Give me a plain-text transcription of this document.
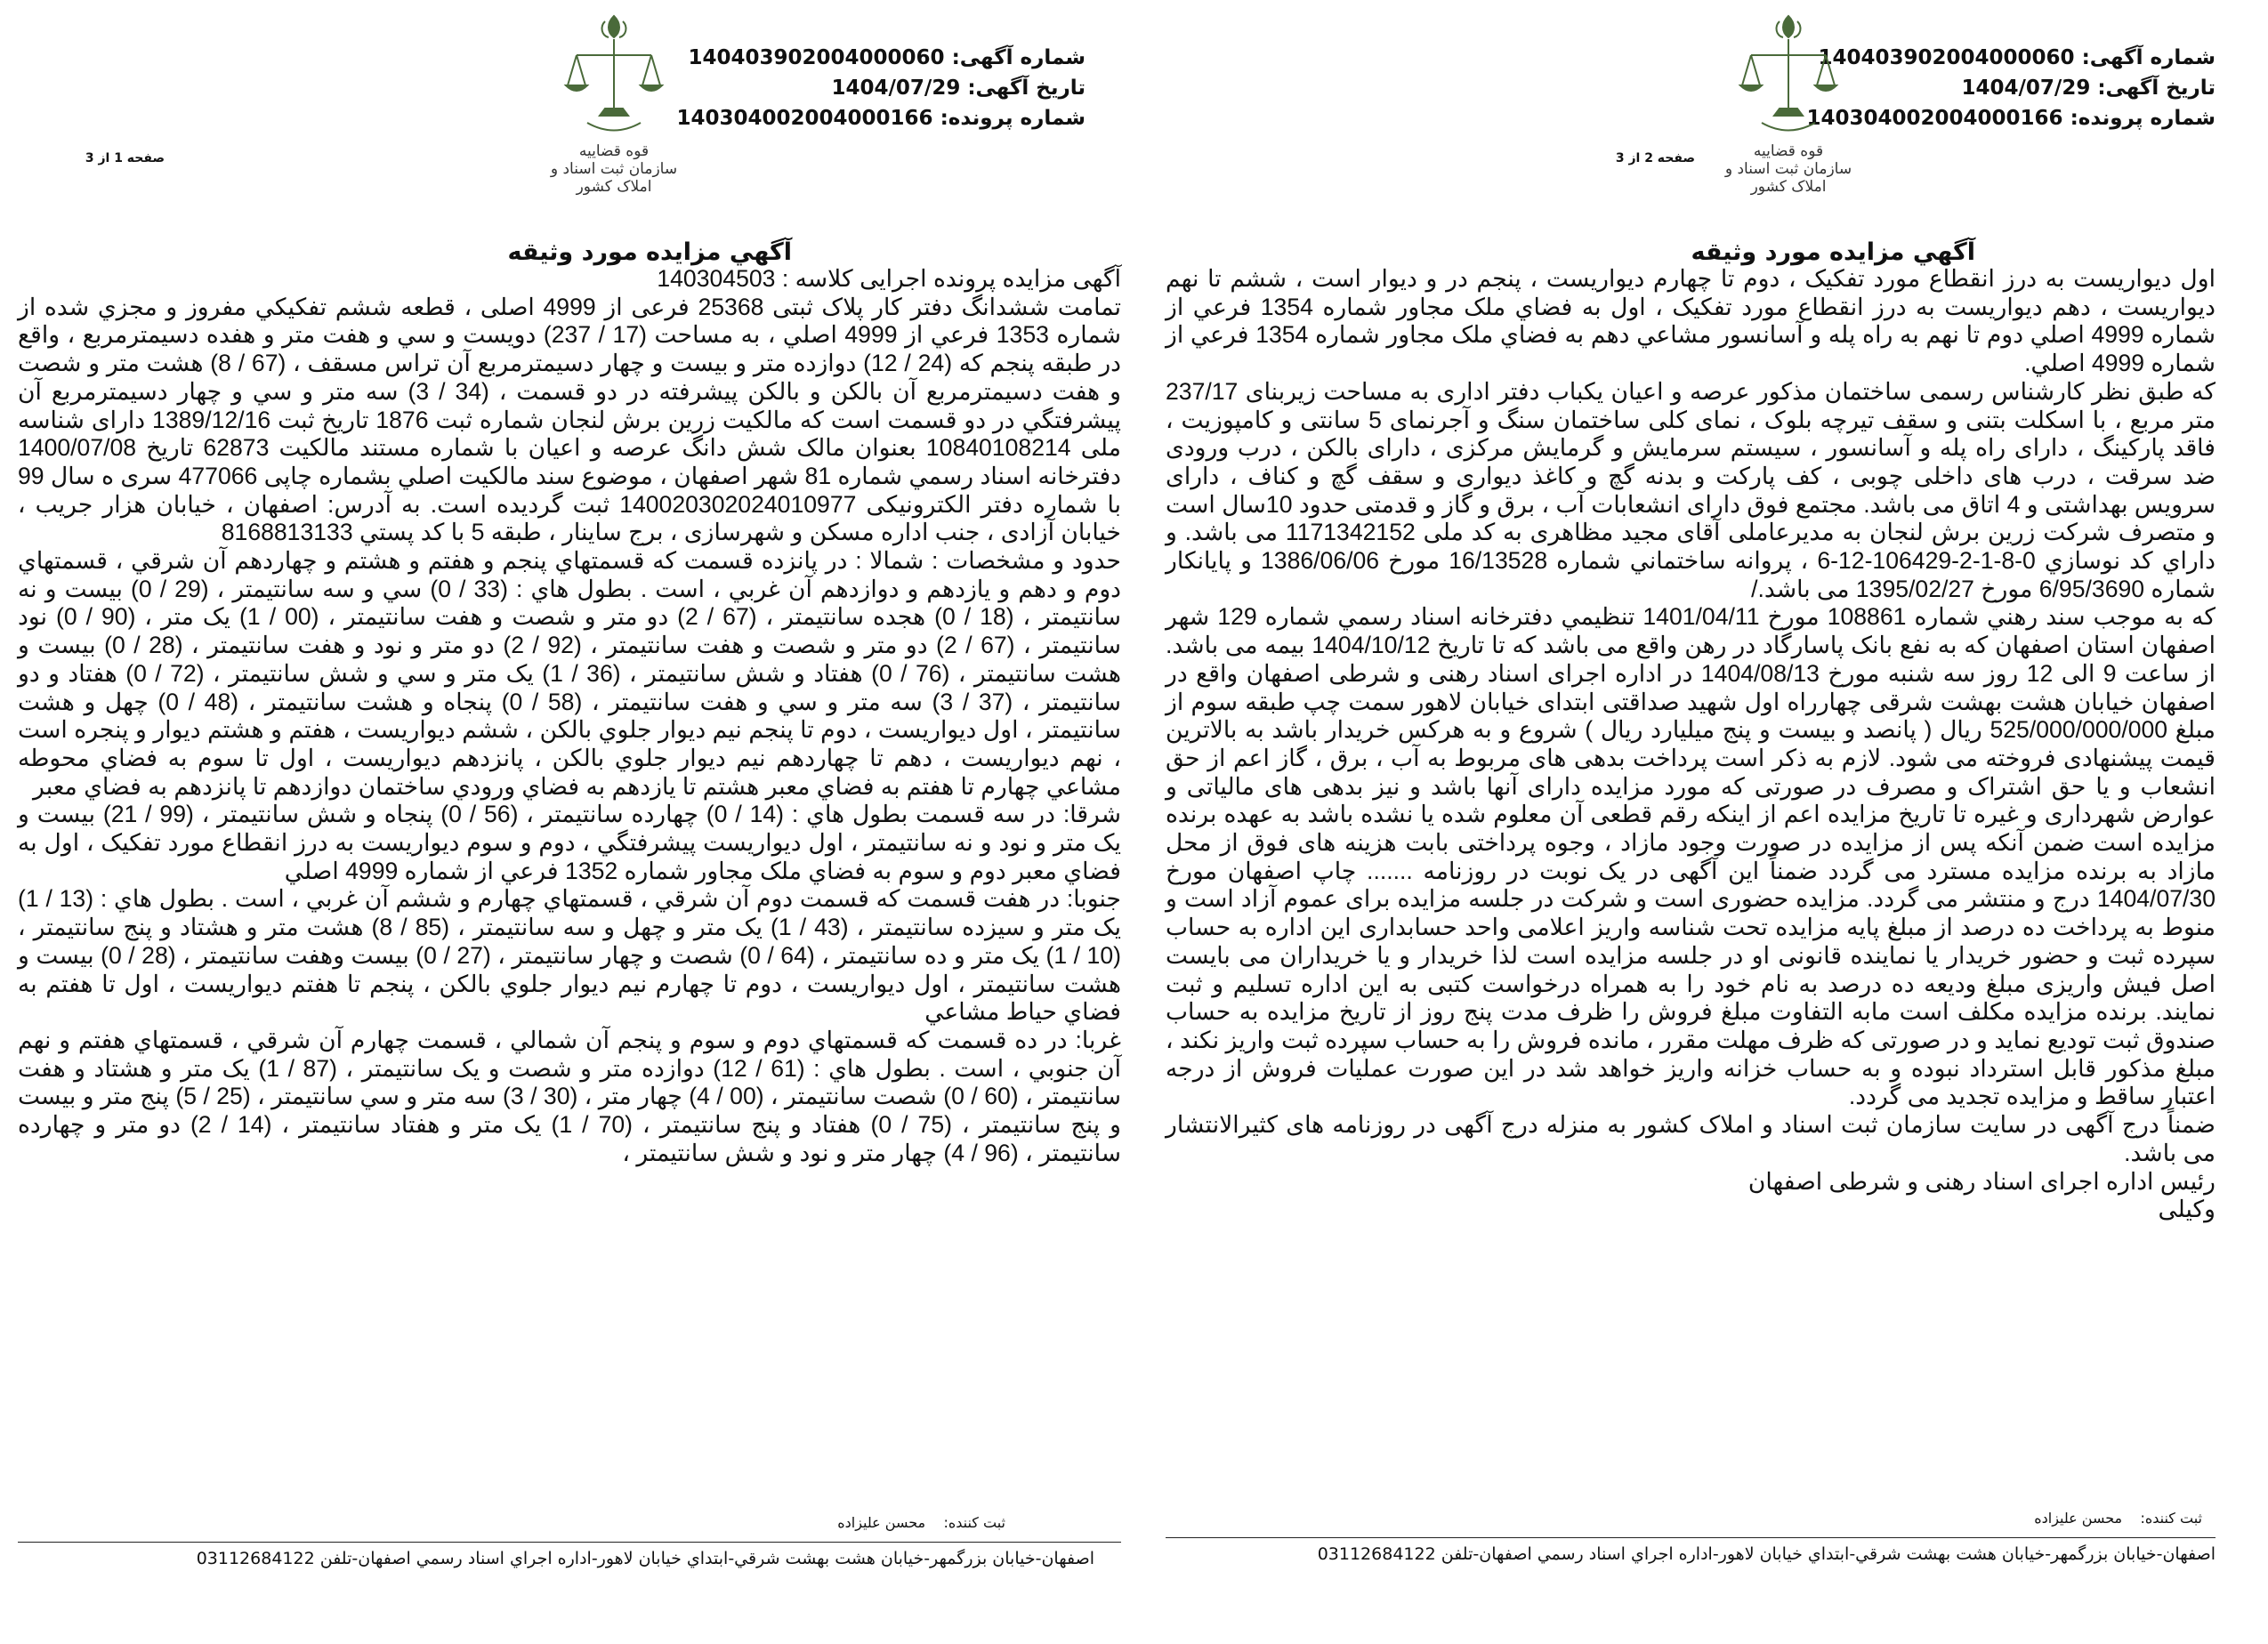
شماره آگهی: 140403902004000060
تاریخ آگهی: 1404/07/29
شماره پرونده: 140304002004000166
قوه قضاییه
سازمان ثبت اسناد و املاک کشور
صفحه 2 از 3
آگهي مزايده مورد وثيقه

اول ديواريست به درز انقطاع مورد تفکيک ، دوم تا چهارم ديواريست ، پنجم در و ديوار است ، ششم تا نهم ديواريست ، دهم ديواريست به درز انقطاع مورد تفکيک ، اول به فضاي ملک مجاور شماره 1354 فرعي از شماره 4999 اصلي دوم تا نهم به راه پله و آسانسور مشاعي دهم به فضاي ملک مجاور شماره 1354 فرعي از شماره 4999 اصلي.

که طبق نظر کارشناس رسمی ساختمان مذکور عرصه و اعیان یکباب دفتر اداری به مساحت زیربنای 237/17 متر مربع ، با اسکلت بتنی و سقف تیرچه بلوک ، نمای کلی ساختمان سنگ و آجرنمای 5 سانتی و کامپوزیت ، فاقد پارکینگ ، دارای راه پله و آسانسور ، سیستم سرمایش و گرمایش مرکزی ، دارای بالکن ، درب ورودی ضد سرقت ، درب های داخلی چوبی ، کف پارکت و بدنه گچ و کاغذ دیواری و سقف گچ و کناف ، دارای سرویس بهداشتی و 4 اتاق می باشد. مجتمع فوق دارای انشعابات آب ، برق و گاز و قدمتی حدود 10سال است و متصرف شرکت زرین برش لنجان به مدیرعاملی آقای مجید مظاهری به کد ملی 1171342152 می باشد. و داراي کد نوسازي 0-8-1-2-106429-12-6 ، پروانه ساختماني شماره 16/13528 مورخ 1386/06/06 و پایانکار شماره 6/95/3690 مورخ 1395/02/27 می باشد./

که به موجب سند رهني شماره 108861 مورخ 1401/04/11 تنظیمي دفترخانه اسناد رسمي شماره 129 شهر اصفهان استان اصفهان که به نفع بانک پاسارگاد در رهن واقع می باشد که تا تاریخ 1404/10/12 بیمه می باشد. از ساعت 9 الی 12 روز سه شنبه مورخ 1404/08/13 در اداره اجرای اسناد رهنی و شرطی اصفهان واقع در اصفهان خیابان هشت بهشت شرقی چهارراه اول شهید صداقتی ابتدای خیابان لاهور سمت چپ طبقه سوم از مبلغ 525/000/000/000 ریال ( پانصد و بیست و پنج میلیارد ریال ) شروع و به هرکس خریدار باشد به بالاترین قیمت پیشنهادی فروخته می شود. لازم به ذکر است پرداخت بدهی های مربوط به آب ، برق ، گاز اعم از حق انشعاب و یا حق اشتراک و مصرف در صورتی که مورد مزایده دارای آنها باشد و نیز بدهی های مالیاتی و عوارض شهرداری و غیره تا تاریخ مزایده اعم از اینکه رقم قطعی آن معلوم شده یا نشده باشد به عهده برنده مزایده است ضمن آنکه پس از مزایده در صورت وجود مازاد ، وجوه پرداختی بابت هزینه های فوق از محل مازاد به برنده مزایده مسترد می گردد ضمناً این آگهی در یک نوبت در روزنامه ....... چاپ اصفهان مورخ 1404/07/30 درج و منتشر می گردد. مزایده حضوری است و شرکت در جلسه مزایده برای عموم آزاد است و منوط به پرداخت ده درصد از مبلغ پایه مزایده تحت شناسه واریز اعلامی واحد حسابداری این اداره به حساب سپرده ثبت و حضور خریدار یا نماینده قانونی او در جلسه مزایده است لذا خریدار و یا خریداران می بایست اصل فیش واریزی مبلغ ودیعه ده درصد به نام خود را به همراه درخواست کتبی به این اداره تسلیم و ثبت نمایند. برنده مزایده مکلف است مابه التفاوت مبلغ فروش را ظرف مدت پنج روز از تاریخ مزایده به حساب صندوق ثبت تودیع نماید و در صورتی که ظرف مهلت مقرر ، مانده فروش را به حساب سپرده ثبت واریز نکند ، مبلغ مذکور قابل استرداد نبوده و به حساب خزانه واریز خواهد شد در این صورت عملیات فروش از درجه اعتبار ساقط و مزایده تجدید می گردد.

ضمناً درج آگهی در سایت سازمان ثبت اسناد و املاک کشور به منزله درج آگهی در روزنامه های کثیرالانتشار می باشد.

رئیس اداره اجرای اسناد رهنی و شرطی اصفهان

وکیلی

ثبت کننده:    محسن عليزاده
اصفهان-خيابان بزرگمهر-خيابان هشت بهشت شرقي-ابتداي خيابان لاهور-اداره اجراي اسناد رسمي اصفهان-تلفن 03112684122
شماره آگهی: 140403902004000060
تاریخ آگهی: 1404/07/29
شماره پرونده: 140304002004000166
قوه قضاییه
سازمان ثبت اسناد و املاک کشور
صفحه 1 از 3
آگهي مزايده مورد وثيقه

آگهی مزایده پرونده اجرایی کلاسه : 140304503

تمامت ششدانگ دفتر کار پلاک ثبتی 25368 فرعی از 4999 اصلی ، قطعه ششم تفکیکي مفروز و مجزي شده از شماره 1353 فرعي از 4999 اصلي ، به مساحت (17 / 237) دويست و سي و هفت متر و هفده دسيمترمربع ، واقع در طبقه پنجم که (24 / 12) دوازده متر و بيست و چهار دسيمترمربع آن تراس مسقف ، (67 / 8) هشت متر و شصت و هفت دسيمترمربع آن بالکن و بالکن پيشرفته در دو قسمت ، (34 / 3) سه متر و سي و چهار دسيمترمربع آن پيشرفتگي در دو قسمت است که مالکیت زرین برش لنجان شماره ثبت 1876 تاریخ ثبت 1389/12/16 دارای شناسه ملی 10840108214 بعنوان مالک شش دانگ عرصه و اعیان با شماره مستند مالکیت 62873 تاریخ 1400/07/08 دفترخانه اسناد رسمي شماره 81 شهر اصفهان ، موضوع سند مالکیت اصلي بشماره چاپی 477066 سری ه سال 99 با شماره دفتر الکترونیکی 140020302024010977 ثبت گرديده است. به آدرس: اصفهان ، خیابان هزار جریب ، خیابان آزادی ، جنب اداره مسکن و شهرسازی ، برج ساینار ، طبقه 5 با کد پستي 8168813133

حدود و مشخصات : شمالا : در پانزده قسمت که قسمتهاي پنجم و هفتم و هشتم و چهاردهم آن شرقي ، قسمتهاي دوم و دهم و يازدهم و دوازدهم آن غربي ، است . بطول هاي : (33 / 0) سي و سه سانتيمتر ، (29 / 0) بيست و نه سانتيمتر ، (18 / 0) هجده سانتيمتر ، (67 / 2) دو متر و شصت و هفت سانتيمتر ، (00 / 1) يک متر ، (90 / 0) نود سانتيمتر ، (67 / 2) دو متر و شصت و هفت سانتيمتر ، (92 / 2) دو متر و نود و هفت سانتيمتر ، (28 / 0) بيست و هشت سانتيمتر ، (76 / 0) هفتاد و شش سانتيمتر ، (36 / 1) يک متر و سي و شش سانتيمتر ، (72 / 0) هفتاد و دو سانتيمتر ، (37 / 3) سه متر و سي و هفت سانتيمتر ، (58 / 0) پنجاه و هشت سانتيمتر ، (48 / 0) چهل و هشت سانتيمتر ، اول ديواريست ، دوم تا پنجم نيم ديوار جلوي بالکن ، ششم ديواريست ، هفتم و هشتم ديوار و پنجره است ، نهم ديواريست ، دهم تا چهاردهم نيم ديوار جلوي بالکن ، پانزدهم ديواريست ، اول تا سوم به فضاي محوطه مشاعي چهارم تا هفتم به فضاي معبر هشتم تا يازدهم به فضاي ورودي ساختمان دوازدهم تا پانزدهم به فضاي معبر

شرقا: در سه قسمت بطول هاي : (14 / 0) چهارده سانتيمتر ، (56 / 0) پنجاه و شش سانتيمتر ، (99 / 21) بيست و يک متر و نود و نه سانتيمتر ، اول ديواريست پيشرفتگي ، دوم و سوم ديواريست به درز انقطاع مورد تفکيک ، اول به فضاي معبر دوم و سوم به فضاي ملک مجاور شماره 1352 فرعي از شماره 4999 اصلي

جنوبا: در هفت قسمت که قسمت دوم آن شرقي ، قسمتهاي چهارم و ششم آن غربي ، است . بطول هاي : (13 / 1) يک متر و سيزده سانتيمتر ، (43 / 1) يک متر و چهل و سه سانتيمتر ، (85 / 8) هشت متر و هشتاد و پنج سانتيمتر ، (10 / 1) يک متر و ده سانتيمتر ، (64 / 0) شصت و چهار سانتيمتر ، (27 / 0) بيست وهفت سانتيمتر ، (28 / 0) بيست و هشت سانتيمتر ، اول ديواريست ، دوم تا چهارم نيم ديوار جلوي بالکن ، پنجم تا هفتم ديواريست ، اول تا هفتم به فضاي حياط مشاعي

غربا: در ده قسمت که قسمتهاي دوم و سوم و پنجم آن شمالي ، قسمت چهارم آن شرقي ، قسمتهاي هفتم و نهم آن جنوبي ، است . بطول هاي : (61 / 12) دوازده متر و شصت و يک سانتيمتر ، (87 / 1) يک متر و هشتاد و هفت سانتيمتر ، (60 / 0) شصت سانتيمتر ، (00 / 4) چهار متر ، (30 / 3) سه متر و سي سانتيمتر ، (25 / 5) پنج متر و بيست و پنج سانتيمتر ، (75 / 0) هفتاد و پنج سانتيمتر ، (70 / 1) يک متر و هفتاد سانتيمتر ، (14 / 2) دو متر و چهارده سانتيمتر ، (96 / 4) چهار متر و نود و شش سانتيمتر ،

ثبت کننده:    محسن عليزاده
اصفهان-خيابان بزرگمهر-خيابان هشت بهشت شرقي-ابتداي خيابان لاهور-اداره اجراي اسناد رسمي اصفهان-تلفن 03112684122
